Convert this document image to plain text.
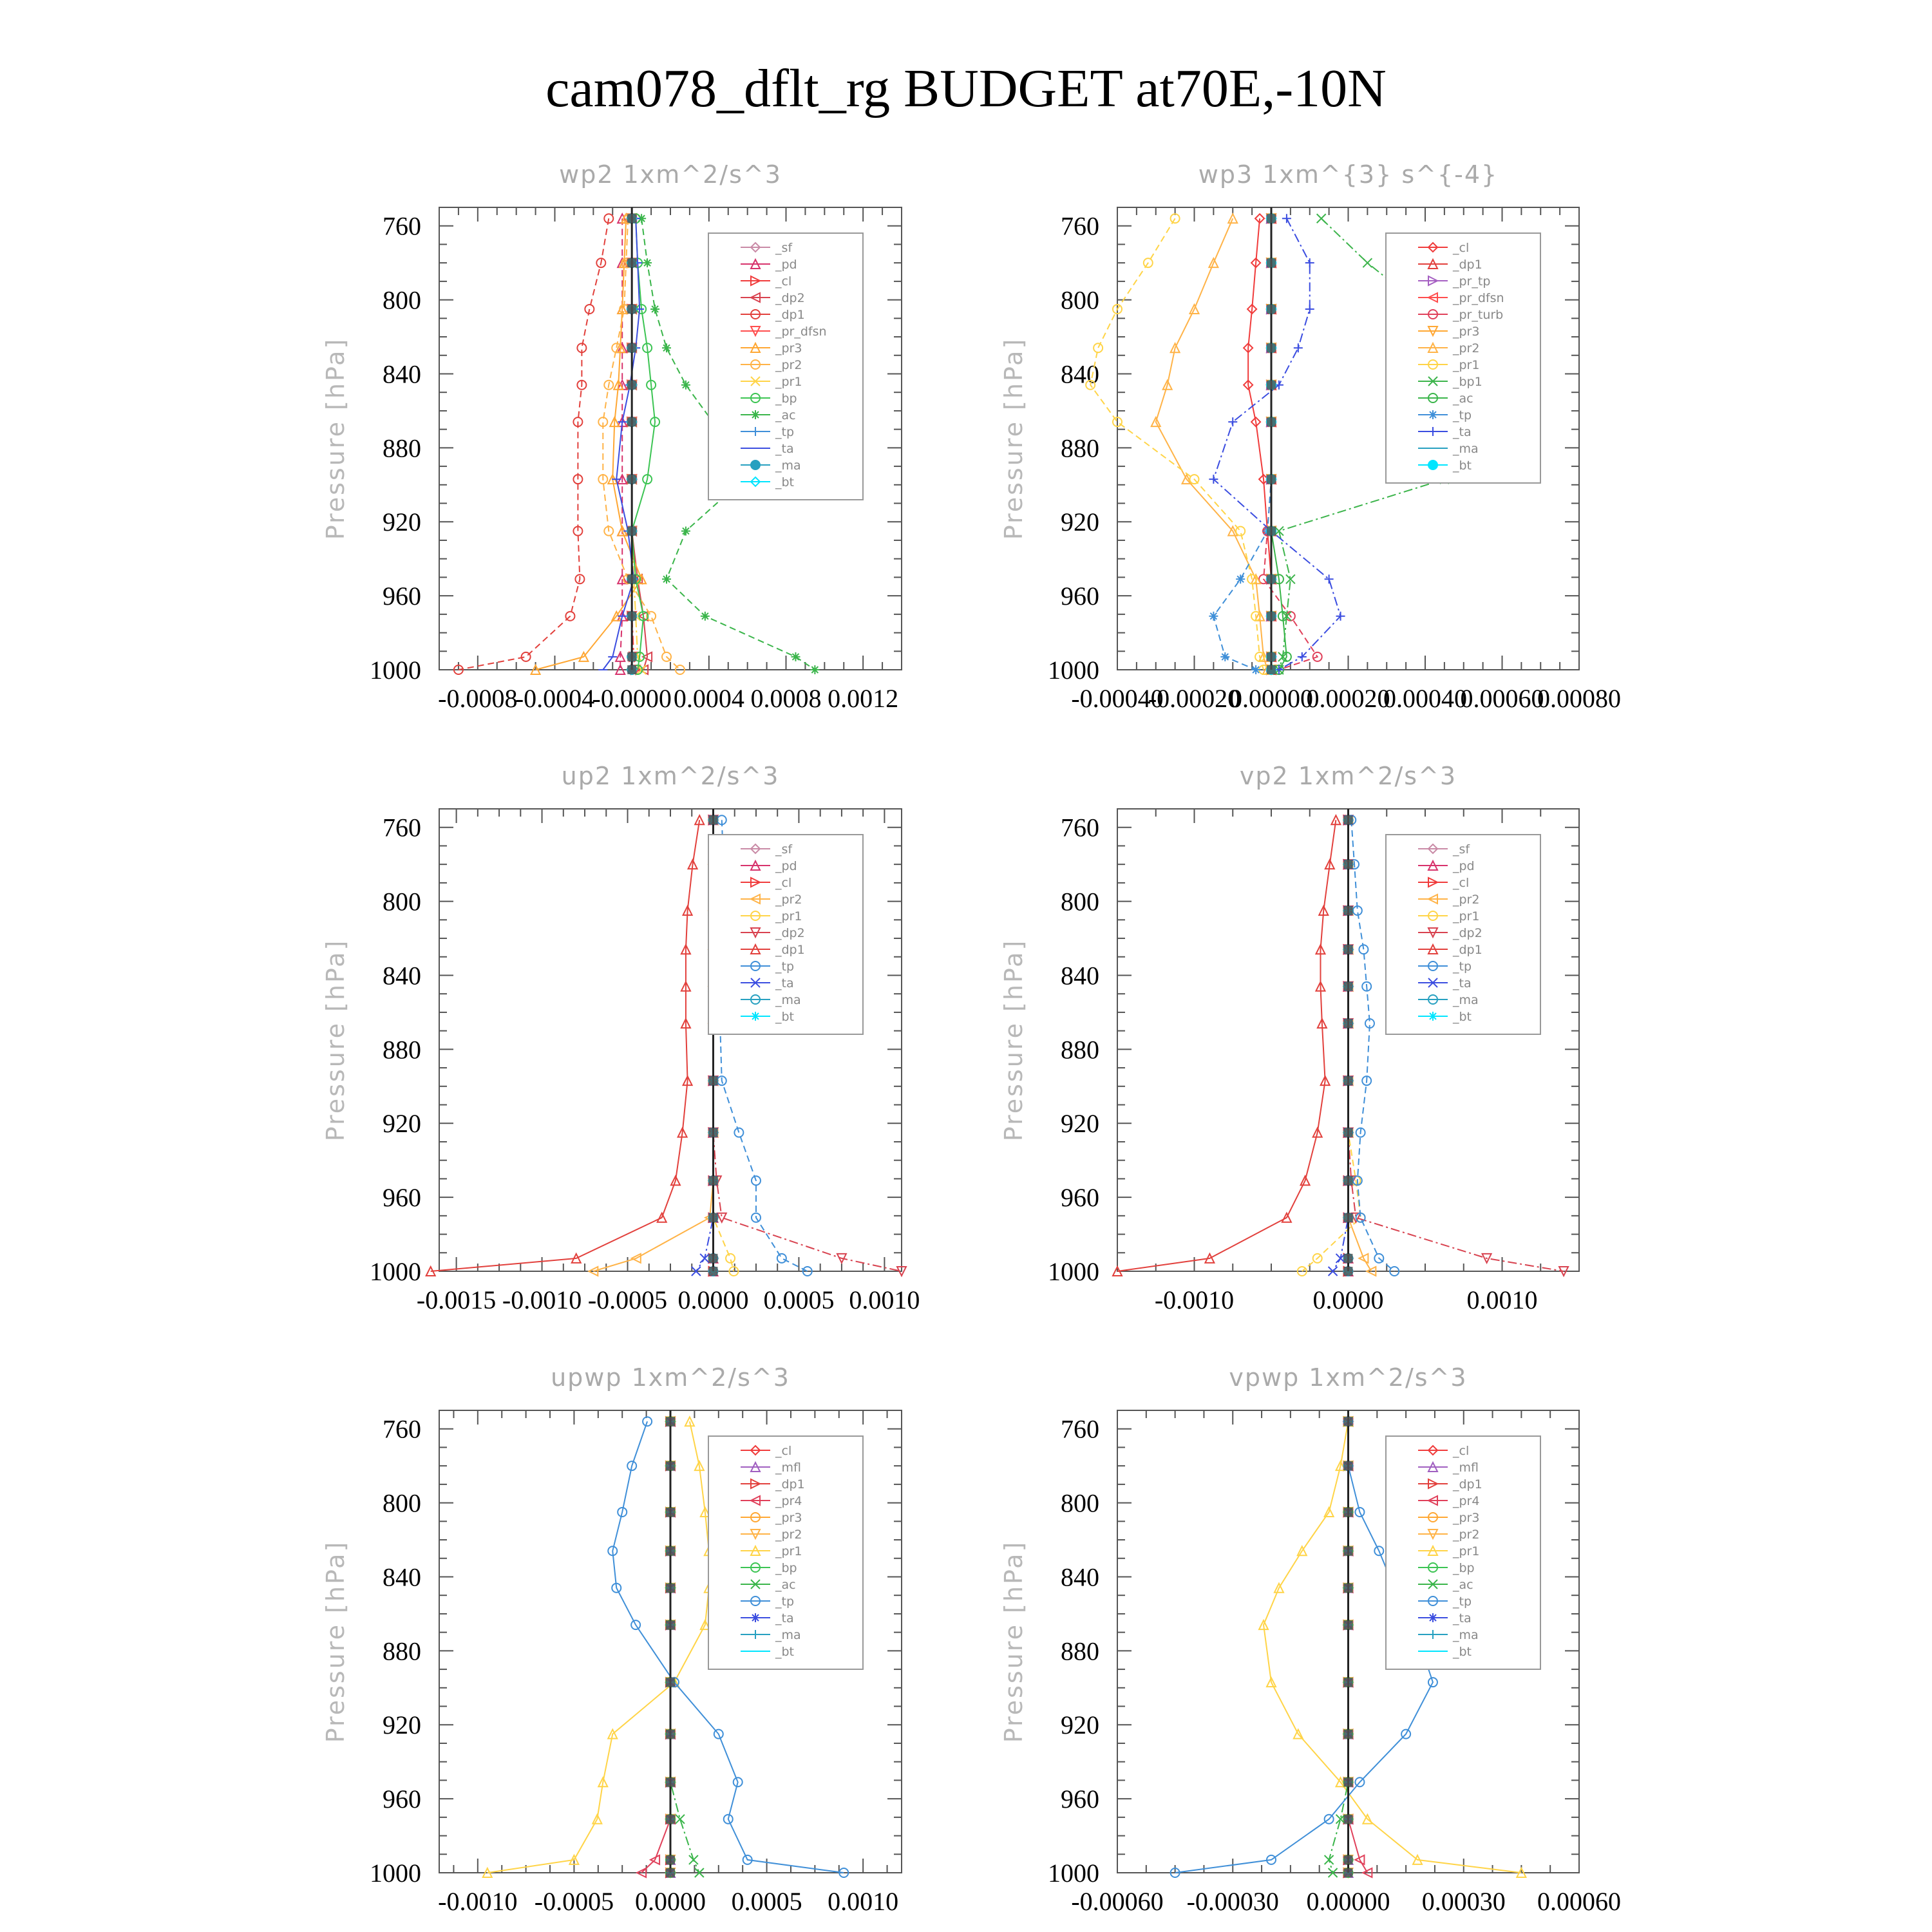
cam078_dflt_rg BUDGET at70E,-10N
wp2 1xm^2/s^3
Pressure [hPa]
760
800
840
880
920
960
1000
-0.0008
-0.0004
-0.0000 0.0004 0.0008 0.0012
_sf
_pd
_cl
_dp2
_dp1
_pr_dfsn
_pr3
_pr2
_pr1
_bp
_ac
_tp
_ta
_ma
_bt
wp3 1xm^{3} s^{-4}
Pressure [hPa]
760
800
840
880
920
960
1000
-0.00040
-0.00020
0.00000
0.00020
0.00040
0.00060
0.00080
_cl
_dp1
_pr_tp
_pr_dfsn
_pr_turb
_pr3
_pr2
_pr1
_bp1
_ac
_tp
_ta
_ma
_bt
up2 1xm^2/s^3
Pressure [hPa]
760
800
840
880
920
960
1000
-0.0015 -0.0010 -0.0005 0.0000 0.0005 0.0010
_sf
_pd
_cl
_pr2
_pr1
_dp2
_dp1
_tp
_ta
_ma
_bt
vp2 1xm^2/s^3
Pressure [hPa]
760
800
840
880
920
960
1000
-0.0010	0.0000	0.0010
_sf
_pd
_cl
_pr2
_pr1
_dp2
_dp1
_tp
_ta
_ma
_bt
upwp 1xm^2/s^3
Pressure [hPa]
760
800
840
880
920
960
1000
-0.0010 -0.0005 0.0000 0.0005 0.0010
_cl
_mfl
_dp1
_pr4
_pr3
_pr2
_pr1
_bp
_ac
_tp
_ta
_ma
_bt
vpwp 1xm^2/s^3
Pressure [hPa]
760
800
840
880
920
960
1000
-0.00060 -0.00030 0.00000 0.00030 0.00060
_cl
_mfl
_dp1
_pr4
_pr3
_pr2
_pr1
_bp
_ac
_tp
_ta
_ma
_bt
